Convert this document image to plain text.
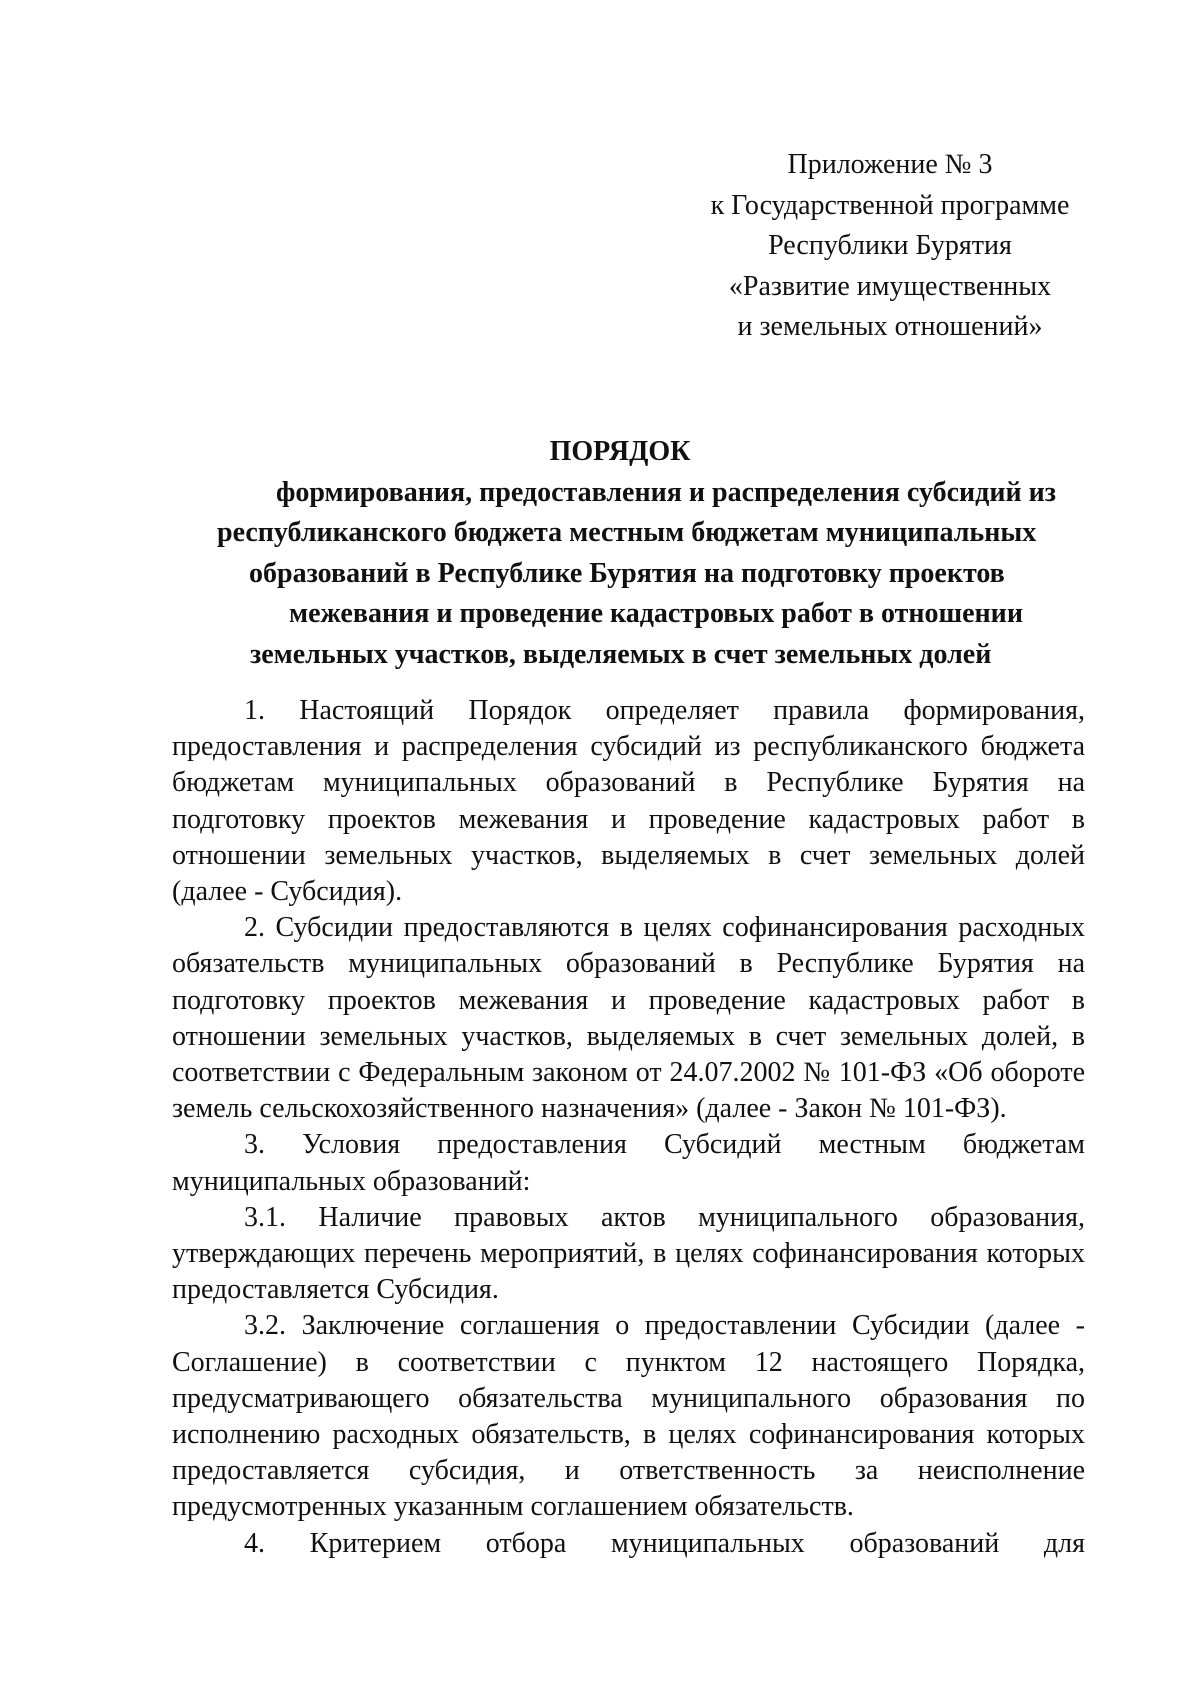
Приложение № 3
к Государственной программе
Республики Бурятия
«Развитие имущественных
и земельных отношений»
ПОРЯДОК
формирования, предоставления и распределения субсидий из
республиканского бюджета местным бюджетам муниципальных
образований в Республике Бурятия на подготовку проектов
межевания и проведение кадастровых работ в отношении
земельных участков, выделяемых в счет земельных долей

1. Настоящий Порядок определяет правила формирования, предоставления и распределения субсидий из республиканского бюджета бюджетам муниципальных образований в Республике Бурятия на подготовку проектов межевания и проведение кадастровых работ в отношении земельных участков, выделяемых в счет земельных долей (далее - Субсидия).

2. Субсидии предоставляются в целях софинансирования расходных обязательств муниципальных образований в Республике Бурятия на подготовку проектов межевания и проведение кадастровых работ в отношении земельных участков, выделяемых в счет земельных долей, в соответствии с Федеральным законом от 24.07.2002 № 101-ФЗ «Об обороте земель сельскохозяйственного назначения» (далее - Закон № 101-ФЗ).

3. Условия предоставления Субсидий местным бюджетам муниципальных образований:

3.1. Наличие правовых актов муниципального образования, утверждающих перечень мероприятий, в целях софинансирования которых предоставляется Субсидия.

3.2. Заключение соглашения о предоставлении Субсидии (далее - Соглашение) в соответствии с пунктом 12 настоящего Порядка, предусматривающего обязательства муниципального образования по исполнению расходных обязательств, в целях софинансирования которых предоставляется субсидия, и ответственность за неисполнение предусмотренных указанным соглашением обязательств.

4. Критерием отбора муниципальных образований для
